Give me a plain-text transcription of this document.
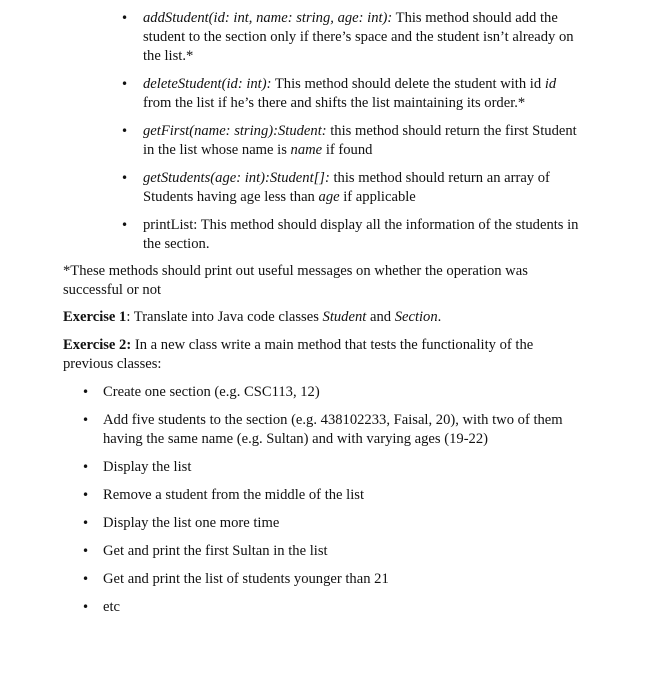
• addStudent(id: int, name: string, age: int): This method should add the student to the section only if there’s space and the student isn’t already on the list.*
• deleteStudent(id: int): This method should delete the student with id id from the list if he’s there and shifts the list maintaining its order.*
• getFirst(name: string):Student: this method should return the first Student in the list whose name is name if found
• getStudents(age: int):Student[]: this method should return an array of Students having age less than age if applicable
• printList: This method should display all the information of the students in the section.

*These methods should print out useful messages on whether the operation was successful or not

Exercise 1: Translate into Java code classes Student and Section.

Exercise 2: In a new class write a main method that tests the functionality of the previous classes:

• Create one section (e.g. CSC113, 12)
• Add five students to the section (e.g. 438102233, Faisal, 20), with two of them having the same name (e.g. Sultan) and with varying ages (19-22)
• Display the list
• Remove a student from the middle of the list
• Display the list one more time
• Get and print the first Sultan in the list
• Get and print the list of students younger than 21
• etc
